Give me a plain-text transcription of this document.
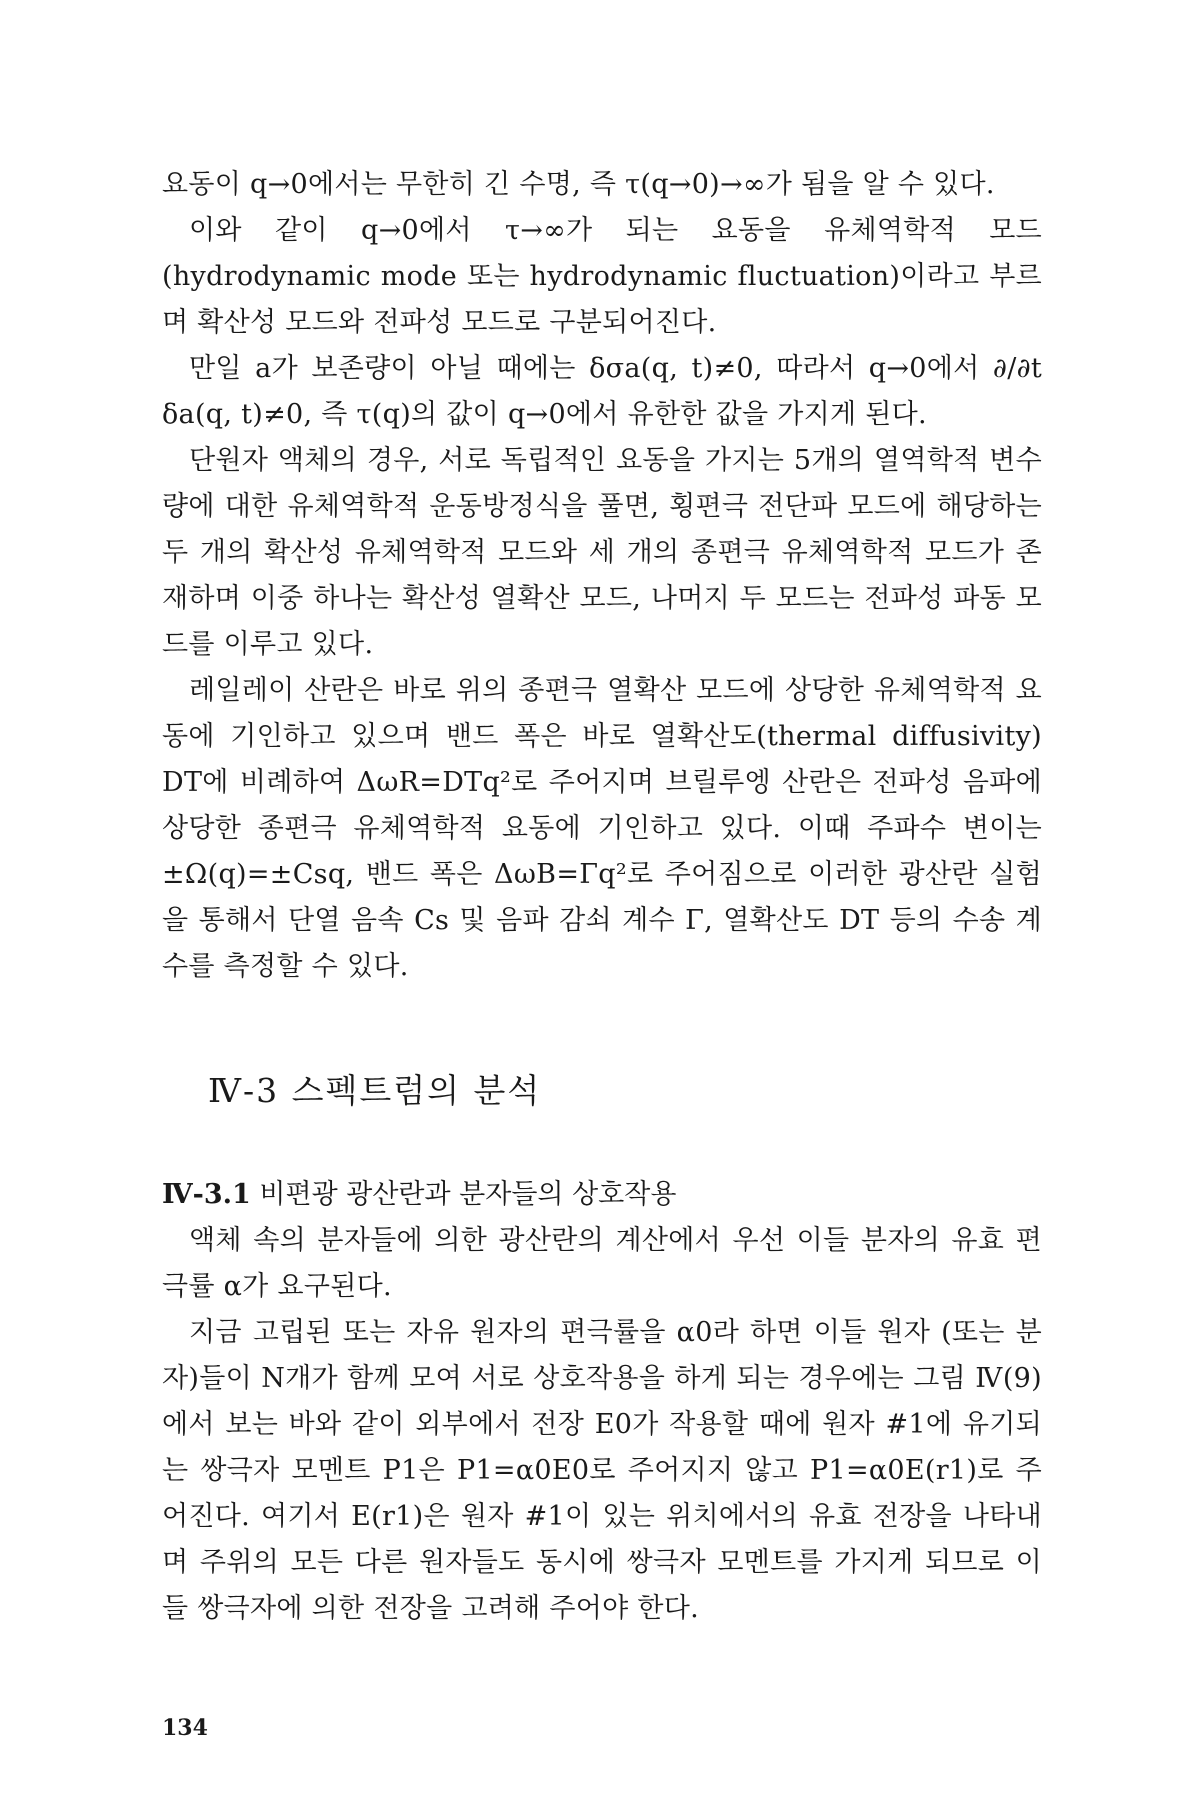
요동이 q→0에서는 무한히 긴 수명, 즉 τ(q→0)→∞가 됨을 알 수 있다.

이와 같이 q→0에서 τ→∞가 되는 요동을 유체역학적 모드(hydrodynamic mode 또는 hydrodynamic fluctuation)이라고 부르며 확산성 모드와 전파성 모드로 구분되어진다.

만일 a가 보존량이 아닐 때에는 δσa(q, t)≠0, 따라서 q→0에서 ∂/∂t δa(q, t)≠0, 즉 τ(q)의 값이 q→0에서 유한한 값을 가지게 된다.

단원자 액체의 경우, 서로 독립적인 요동을 가지는 5개의 열역학적 변수량에 대한 유체역학적 운동방정식을 풀면, 횡편극 전단파 모드에 해당하는 두 개의 확산성 유체역학적 모드와 세 개의 종편극 유체역학적 모드가 존재하며 이중 하나는 확산성 열확산 모드, 나머지 두 모드는 전파성 파동 모드를 이루고 있다.

레일레이 산란은 바로 위의 종편극 열확산 모드에 상당한 유체역학적 요동에 기인하고 있으며 밴드 폭은 바로 열확산도(thermal diffusivity) DT에 비례하여 ΔωR=DTq²로 주어지며 브릴루엥 산란은 전파성 음파에 상당한 종편극 유체역학적 요동에 기인하고 있다. 이때 주파수 변이는 ±Ω(q)=±Csq, 밴드 폭은 ΔωB=Γq²로 주어짐으로 이러한 광산란 실험을 통해서 단열 음속 Cs 및 음파 감쇠 계수 Γ, 열확산도 DT 등의 수송 계수를 측정할 수 있다.

Ⅳ-3 스펙트럼의 분석
Ⅳ-3.1 비편광 광산란과 분자들의 상호작용

액체 속의 분자들에 의한 광산란의 계산에서 우선 이들 분자의 유효 편극률 α가 요구된다.

지금 고립된 또는 자유 원자의 편극률을 α0라 하면 이들 원자 (또는 분자)들이 N개가 함께 모여 서로 상호작용을 하게 되는 경우에는 그림 Ⅳ(9)에서 보는 바와 같이 외부에서 전장 E0가 작용할 때에 원자 #1에 유기되는 쌍극자 모멘트 P1은 P1=α0E0로 주어지지 않고 P1=α0E(r1)로 주어진다. 여기서 E(r1)은 원자 #1이 있는 위치에서의 유효 전장을 나타내며 주위의 모든 다른 원자들도 동시에 쌍극자 모멘트를 가지게 되므로 이들 쌍극자에 의한 전장을 고려해 주어야 한다.

134
